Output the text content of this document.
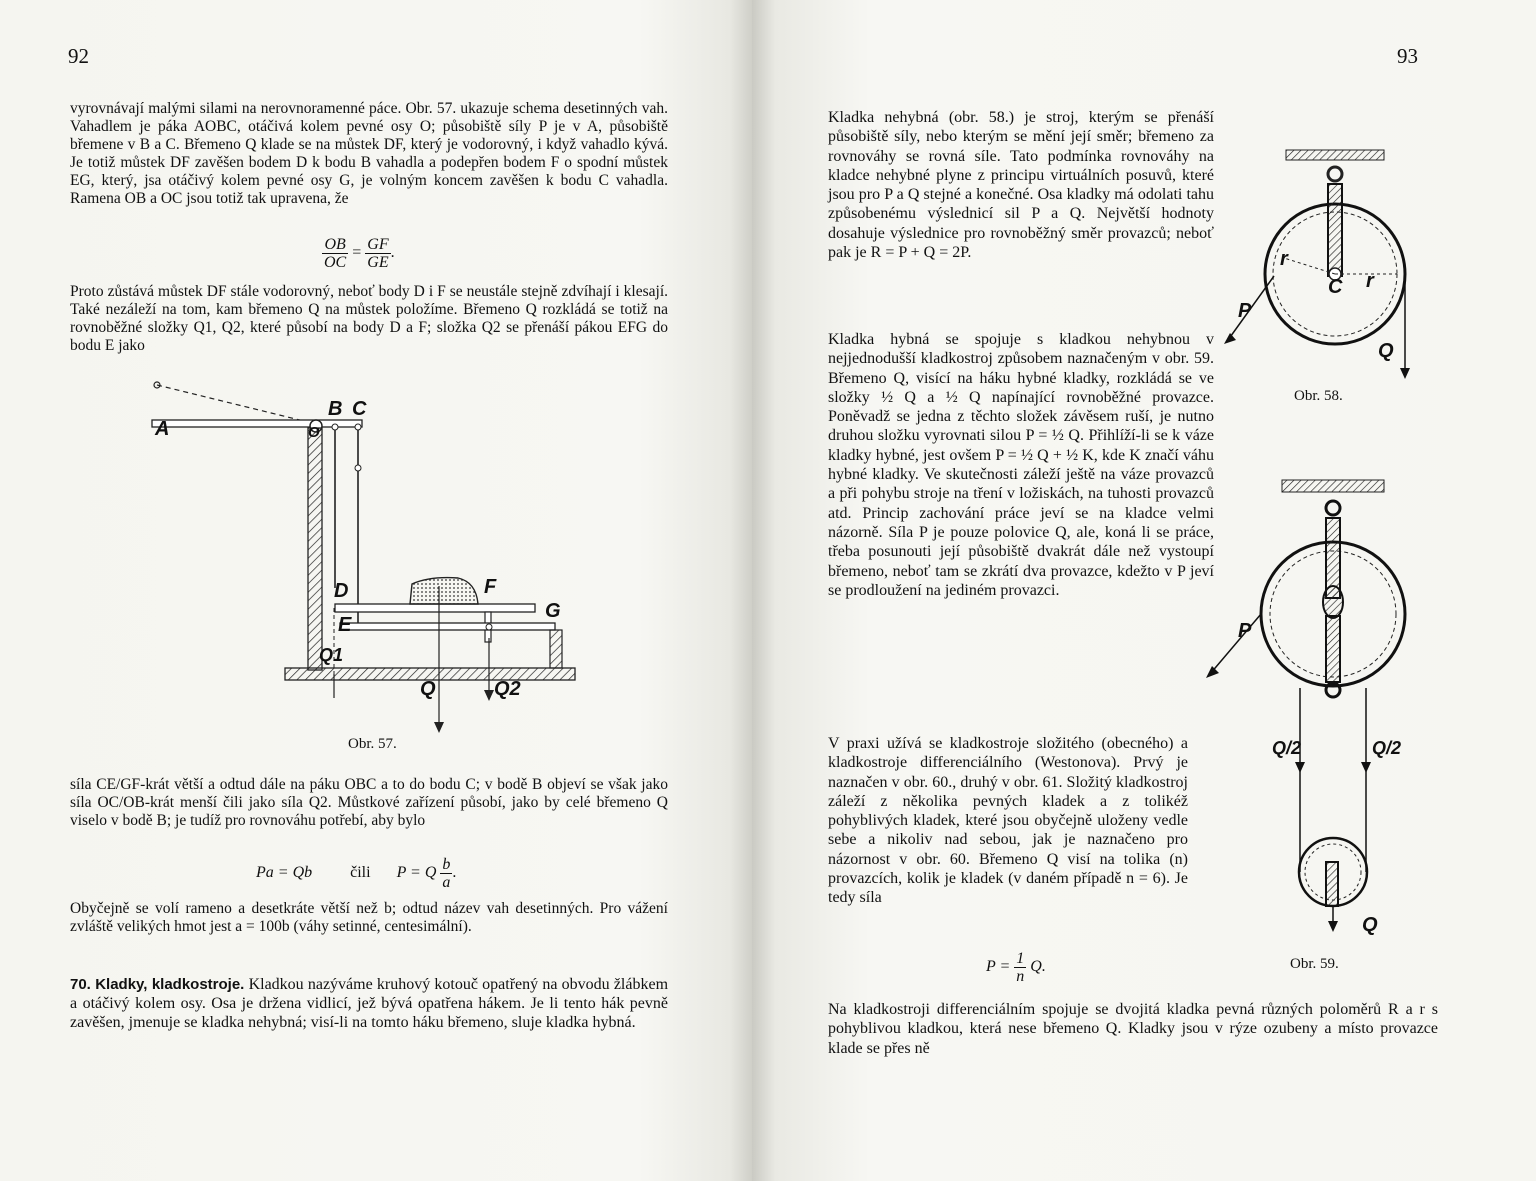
92

vyrovnávají malými silami na nerovnoramenné páce. Obr. 57. ukazuje schema desetinných vah. Vahadlem je páka AOBC, otáčivá kolem pevné osy O; působiště síly P je v A, působiště břemene v B a C. Břemeno Q klade se na můstek DF, který je vodorovný, i když vahadlo kývá. Je totiž můstek DF zavěšen bodem D k bodu B vahadla a podepřen bodem F o spodní můstek EG, který, jsa otáčivý kolem pevné osy G, je volným koncem zavěšen k bodu C vahadla. Ramena OB a OC jsou totiž tak upravena, že

$\frac{OB}{OC} = \frac{GF}{GE}$ .

Proto zůstává můstek DF stále vodorovný, neboť body D i F se neustále stejně zdvíhají i klesají. Také nezáleží na tom, kam břemeno Q na můstek položíme. Břemeno Q rozkládá se totiž na rovnoběžné složky Q1, Q2, které působí na body D a F; složka Q2 se přenáší pákou EFG do bodu E jako

A	O
B C
D
E
F
G
Q1
Q	Q2
Obr. 57.

síla CE/GF-krát větší a odtud dále na páku OBC a to do bodu C; v bodě B objeví se však jako síla OC/OB-krát menší čili jako síla Q2. Můstkové zařízení působí, jako by celé břemeno Q viselo v bodě B; je tudíž pro rovnováhu potřebí, aby bylo

Pa = Qb čili P = Q $\frac{b}{a}$ .

Obyčejně se volí rameno a desetkráte větší než b; odtud název vah desetinných. Pro vážení zvláště velikých hmot jest a = 100b (váhy setinné, centesimální).

70. Kladky, kladkostroje. Kladkou nazýváme kruhový kotouč opatřený na obvodu žlábkem a otáčivý kolem osy. Osa je držena vidlicí, jež bývá opatřena hákem. Je li tento hák pevně zavěšen, jmenuje se kladka nehybná; visí-li na tomto háku břemeno, sluje kladka hybná.

93

Kladka nehybná (obr. 58.) je stroj, kterým se přenáší působiště síly, nebo kterým se mění její směr; břemeno za rovnováhy se rovná síle. Tato podmínka rovnováhy na kladce nehybné plyne z principu virtuálních posuvů, které jsou pro P a Q stejné a konečné. Osa kladky má odolati tahu způsobenému výslednicí sil P a Q. Největší hodnoty dosahuje výslednice pro rovnoběžný směr provazců; neboť pak je R = P + Q = 2P.	r
r
C
P
Q
Obr. 58.

Kladka hybná se spojuje s kladkou nehybnou v nejjednodušší kladkostroj způsobem naznačeným v obr. 59. Břemeno Q, visící na háku hybné kladky, rozkládá se ve složky ½ Q a ½ Q napínající rovnoběžné provazce. Poněvadž se jedna z těchto složek závěsem ruší, je nutno druhou složku vyrovnati silou P = ½ Q. Přihlíží-li se k váze kladky hybné, jest ovšem P = ½ Q + ½ K, kde K značí váhu hybné kladky. Ve skutečnosti záleží ještě na váze provazců a při pohybu stroje na tření v ložiskách, na tuhosti provazců atd. Princip zachování práce jeví se na kladce velmi názorně. Síla P je pouze polovice Q, ale, koná li se práce, třeba posunouti její působiště dvakrát dále než vystoupí břemeno, neboť tam se zkrátí dva provazce, kdežto v P jeví se prodloužení na jediném provazci.

P
Q/2	Q/2
Q
Obr. 59.

V praxi užívá se kladkostroje složitého (obecného) a kladkostroje differenciálního (Westonova). Prvý je naznačen v obr. 60., druhý v obr. 61. Složitý kladkostroj záleží z několika pevných kladek a z tolikéž pohyblivých kladek, které jsou obyčejně uloženy vedle sebe a nikoliv nad sebou, jak je naznačeno pro názornost v obr. 60. Břemeno Q visí na tolika (n) provazcích, kolik je kladek (v daném případě n = 6). Je tedy síla

$P = \frac{1}{n} Q$.

Na kladkostroji differenciálním spojuje se dvojitá kladka pevná různých poloměrů R a r s pohyblivou kladkou, která nese břemeno Q. Kladky jsou v rýze ozubeny a místo provazce klade se přes ně
